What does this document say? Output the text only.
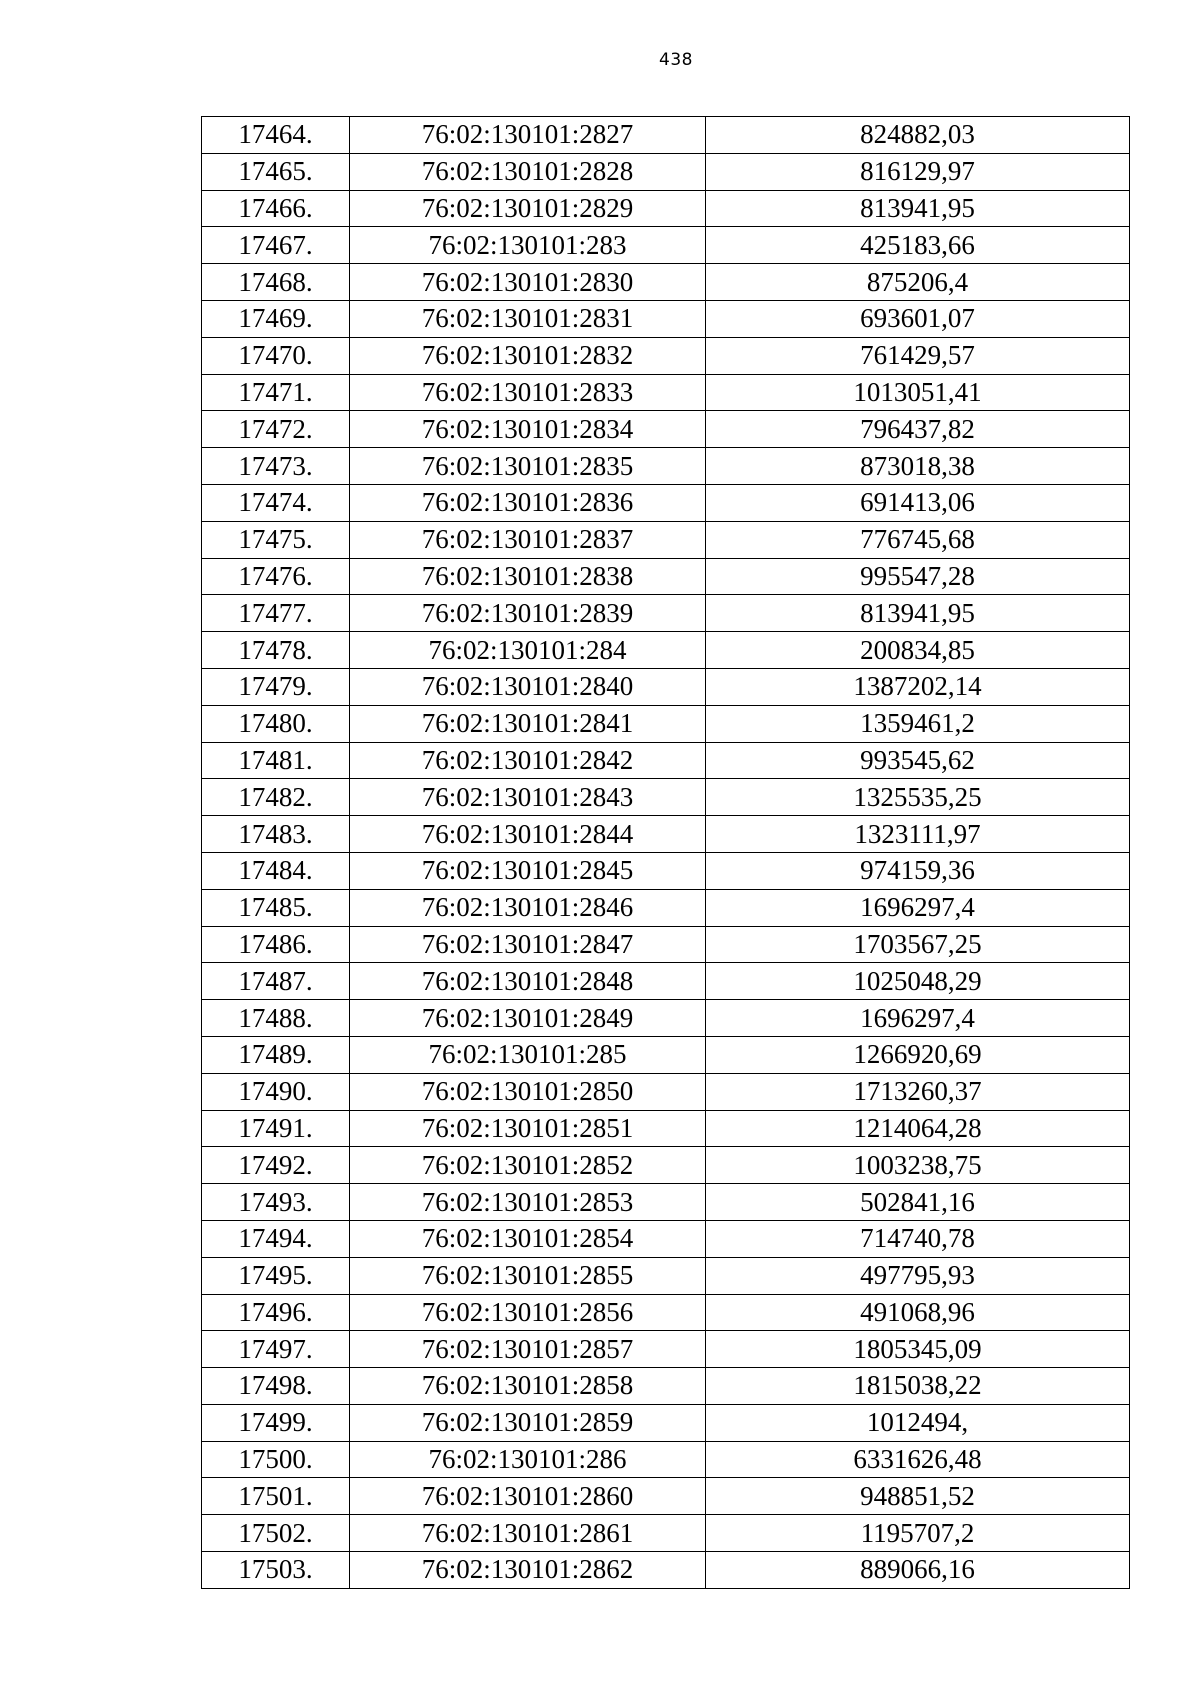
438
17464.	76:02:130101:2827	824882,03
17465.	76:02:130101:2828	816129,97
17466.	76:02:130101:2829	813941,95
17467.	76:02:130101:283	425183,66
17468.	76:02:130101:2830	875206,4
17469.	76:02:130101:2831	693601,07
17470.	76:02:130101:2832	761429,57
17471.	76:02:130101:2833	1013051,41
17472.	76:02:130101:2834	796437,82
17473.	76:02:130101:2835	873018,38
17474.	76:02:130101:2836	691413,06
17475.	76:02:130101:2837	776745,68
17476.	76:02:130101:2838	995547,28
17477.	76:02:130101:2839	813941,95
17478.	76:02:130101:284	200834,85
17479.	76:02:130101:2840	1387202,14
17480.	76:02:130101:2841	1359461,2
17481.	76:02:130101:2842	993545,62
17482.	76:02:130101:2843	1325535,25
17483.	76:02:130101:2844	1323111,97
17484.	76:02:130101:2845	974159,36
17485.	76:02:130101:2846	1696297,4
17486.	76:02:130101:2847	1703567,25
17487.	76:02:130101:2848	1025048,29
17488.	76:02:130101:2849	1696297,4
17489.	76:02:130101:285	1266920,69
17490.	76:02:130101:2850	1713260,37
17491.	76:02:130101:2851	1214064,28
17492.	76:02:130101:2852	1003238,75
17493.	76:02:130101:2853	502841,16
17494.	76:02:130101:2854	714740,78
17495.	76:02:130101:2855	497795,93
17496.	76:02:130101:2856	491068,96
17497.	76:02:130101:2857	1805345,09
17498.	76:02:130101:2858	1815038,22
17499.	76:02:130101:2859	1012494,
17500.	76:02:130101:286	6331626,48
17501.	76:02:130101:2860	948851,52
17502.	76:02:130101:2861	1195707,2
17503.	76:02:130101:2862	889066,16
